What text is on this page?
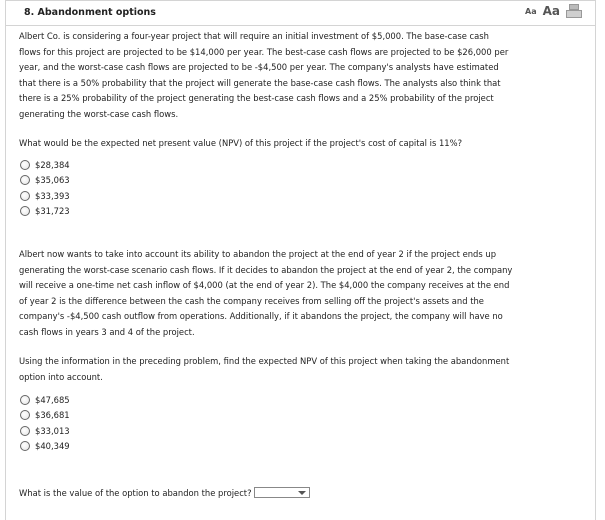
8. Abandonment options	Aa Aa
Albert Co. is considering a four-year project that will require an initial investment of $5,000. The base-case cash
flows for this project are projected to be $14,000 per year. The best-case cash flows are projected to be $26,000 per
year, and the worst-case cash flows are projected to be -$4,500 per year. The company's analysts have estimated
that there is a 50% probability that the project will generate the base-case cash flows. The analysts also think that
there is a 25% probability of the project generating the best-case cash flows and a 25% probability of the project
generating the worst-case cash flows.
What would be the expected net present value (NPV) of this project if the project's cost of capital is 11%?
$28,384
$35,063
$33,393
$31,723
Albert now wants to take into account its ability to abandon the project at the end of year 2 if the project ends up
generating the worst-case scenario cash flows. If it decides to abandon the project at the end of year 2, the company
will receive a one-time net cash inflow of $4,000 (at the end of year 2). The $4,000 the company receives at the end
of year 2 is the difference between the cash the company receives from selling off the project's assets and the
company's -$4,500 cash outflow from operations. Additionally, if it abandons the project, the company will have no
cash flows in years 3 and 4 of the project.
Using the information in the preceding problem, find the expected NPV of this project when taking the abandonment
option into account.
$47,685
$36,681
$33,013
$40,349
What is the value of the option to abandon the project?
